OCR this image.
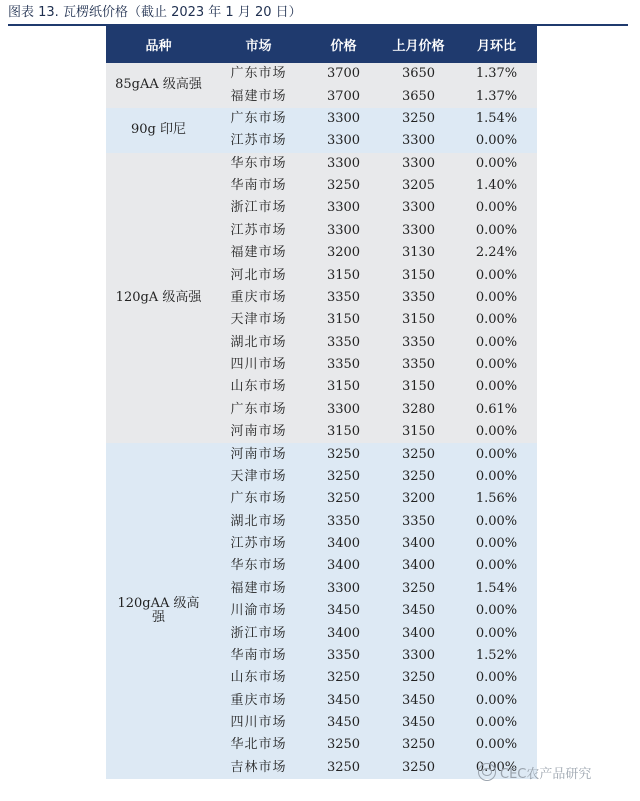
图表 13. 瓦楞纸价格（截止 2023 年 1 月 20 日）
品种	市场	价格	上月价格	月环比
85gAA 级高强	广东市场	3700	3650	1.37%
	福建市场	3700	3650	1.37%
90g 印尼	广东市场	3300	3250	1.54%
	江苏市场	3300	3300	0.00%
120gA 级高强	华东市场	3300	3300	0.00%
	华南市场	3250	3205	1.40%
	浙江市场	3300	3300	0.00%
	江苏市场	3300	3300	0.00%
	福建市场	3200	3130	2.24%
	河北市场	3150	3150	0.00%
	重庆市场	3350	3350	0.00%
	天津市场	3150	3150	0.00%
	湖北市场	3350	3350	0.00%
	四川市场	3350	3350	0.00%
	山东市场	3150	3150	0.00%
	广东市场	3300	3280	0.61%
	河南市场	3150	3150	0.00%
120gAA 级高强	河南市场	3250	3250	0.00%
	天津市场	3250	3250	0.00%
	广东市场	3250	3200	1.56%
	湖北市场	3350	3350	0.00%
	江苏市场	3400	3400	0.00%
	华东市场	3400	3400	0.00%
	福建市场	3300	3250	1.54%
	川渝市场	3450	3450	0.00%
	浙江市场	3400	3400	0.00%
	华南市场	3350	3300	1.52%
	山东市场	3250	3250	0.00%
	重庆市场	3450	3450	0.00%
	四川市场	3450	3450	0.00%
	华北市场	3250	3250	0.00%
	吉林市场	3250	3250	0.00%
CEC农产品研究
